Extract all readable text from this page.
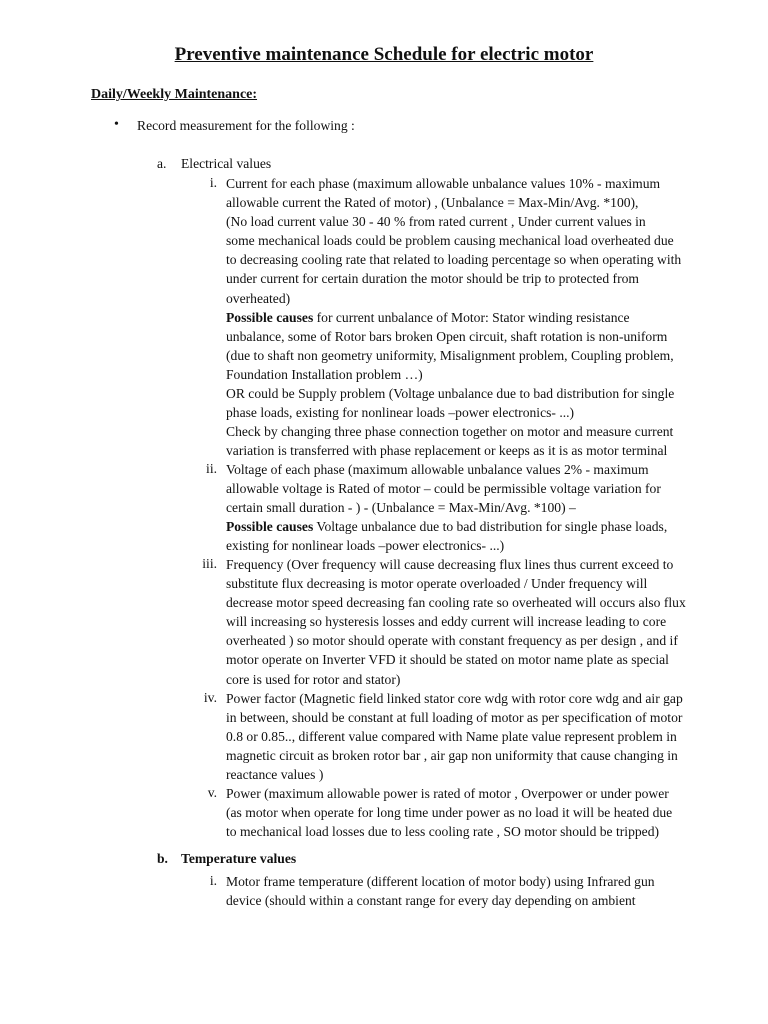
Preventive maintenance Schedule for electric motor
Daily/Weekly Maintenance:
• Record measurement for the following :
a. Electrical values
i. Current for each phase (maximum allowable unbalance values 10% - maximum

allowable current the Rated of motor) , (Unbalance = Max-Min/Avg. *100),

(No load current value 30 - 40 % from rated current , Under current values in

some mechanical loads could be problem causing mechanical load overheated due

to decreasing cooling rate that related to loading percentage so when operating with

under current for certain duration the motor should be trip to protected from

overheated)

Possible causes for current unbalance of Motor: Stator winding resistance

unbalance, some of Rotor bars broken Open circuit, shaft rotation is non-uniform

(due to shaft non geometry uniformity, Misalignment problem, Coupling problem,

Foundation Installation problem …)

OR could be Supply problem (Voltage unbalance due to bad distribution for single

phase loads, existing for nonlinear loads –power electronics- ...)

Check by changing three phase connection together on motor and measure current

variation is transferred with phase replacement or keeps as it is as motor terminal

ii. Voltage of each phase (maximum allowable unbalance values 2% - maximum

allowable voltage is Rated of motor – could be permissible voltage variation for

certain small duration - ) - (Unbalance = Max-Min/Avg. *100) –

Possible causes Voltage unbalance due to bad distribution for single phase loads,

existing for nonlinear loads –power electronics- ...)

iii. Frequency (Over frequency will cause decreasing flux lines thus current exceed to

substitute flux decreasing is motor operate overloaded / Under frequency will

decrease motor speed decreasing fan cooling rate so overheated will occurs also flux

will increasing so hysteresis losses and eddy current will increase leading to core

overheated ) so motor should operate with constant frequency as per design , and if

motor operate on Inverter VFD it should be stated on motor name plate as special

core is used for rotor and stator)

iv. Power factor (Magnetic field linked stator core wdg with rotor core wdg and air gap

in between, should be constant at full loading of motor as per specification of motor

0.8 or 0.85.., different value compared with Name plate value represent problem in

magnetic circuit as broken rotor bar , air gap non uniformity that cause changing in

reactance values )

v. Power (maximum allowable power is rated of motor , Overpower or under power

(as motor when operate for long time under power as no load it will be heated due

to mechanical load losses due to less cooling rate , SO motor should be tripped)

b. Temperature values
i. Motor frame temperature (different location of motor body) using Infrared gun

device (should within a constant range for every day depending on ambient
